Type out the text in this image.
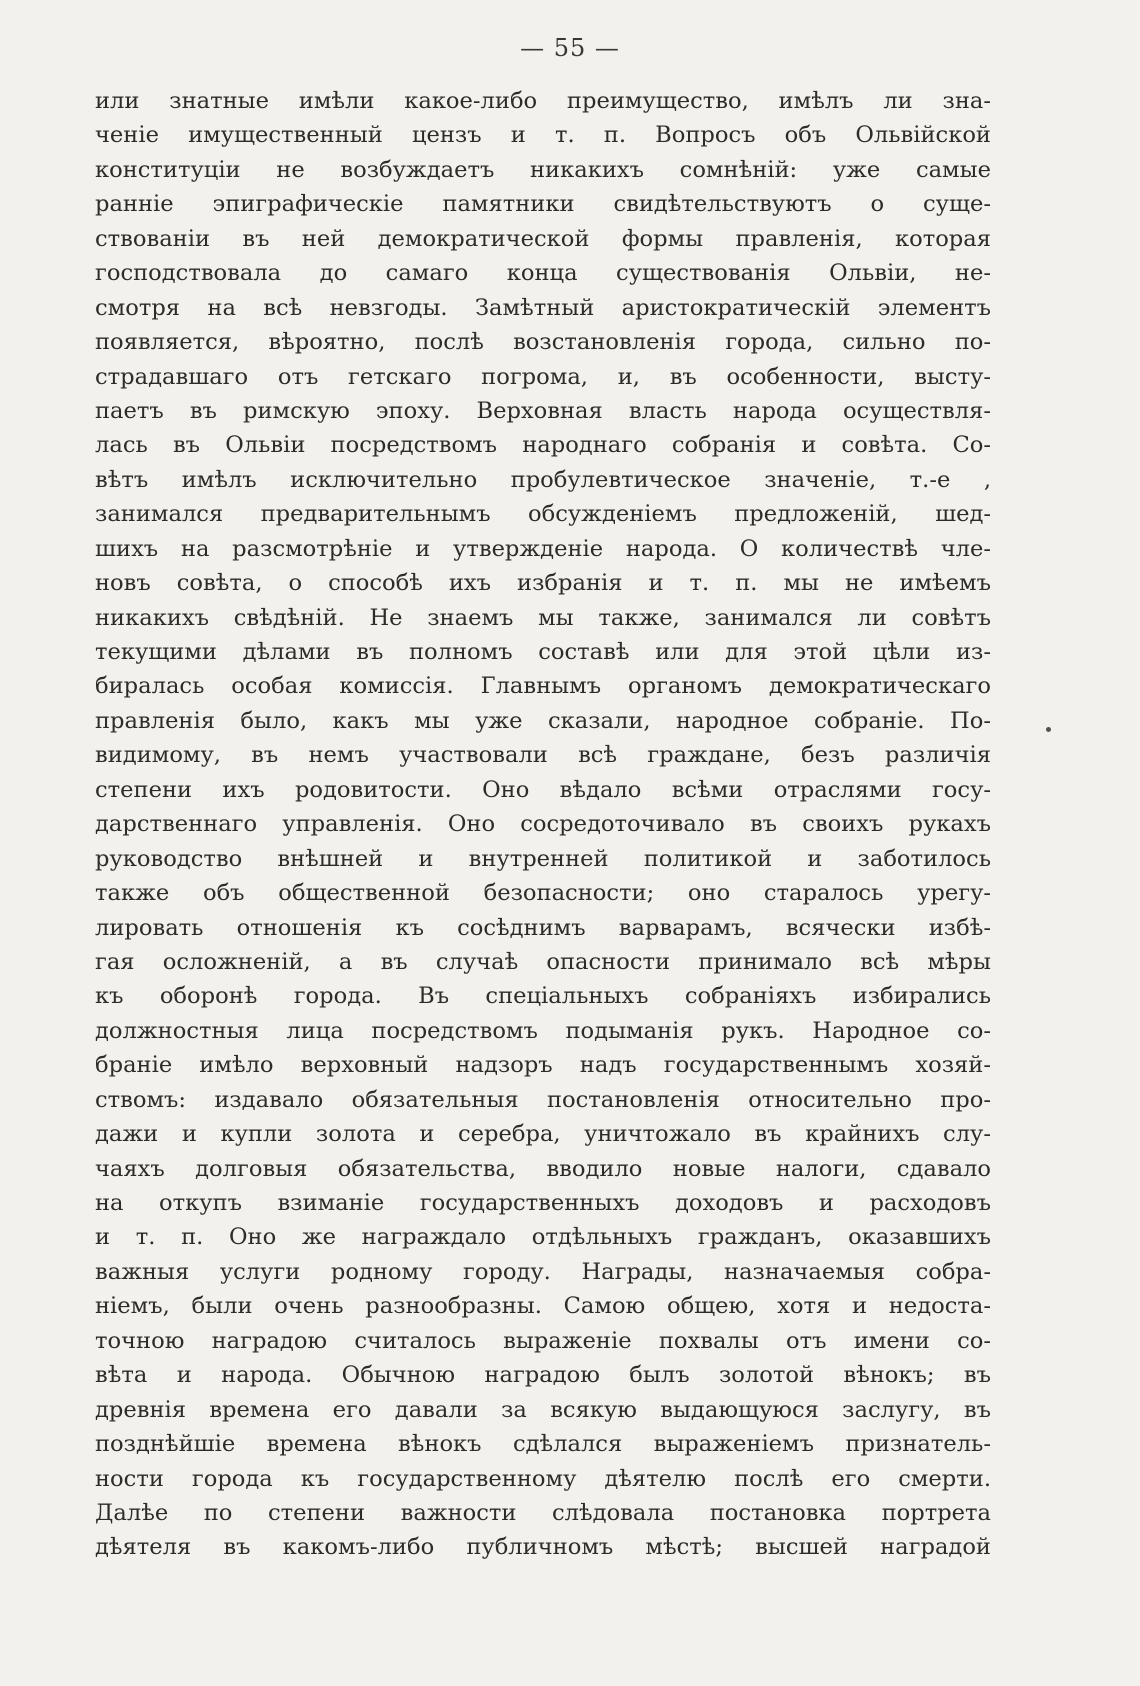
— 55 —
или знатные имѣли какое-либо преимущество, имѣлъ ли зна-
ченіе имущественный цензъ и т. п. Вопросъ объ Ольвійской
конституціи не возбуждаетъ никакихъ сомнѣній: уже самые
ранніе эпиграфическіе памятники свидѣтельствуютъ о суще-
ствованіи въ ней демократической формы правленія, которая
господствовала до самаго конца существованія Ольвіи, не-
смотря на всѣ невзгоды. Замѣтный аристократическій элементъ
появляется, вѣроятно, послѣ возстановленія города, сильно по-
страдавшаго отъ гетскаго погрома, и, въ особенности, высту-
паетъ въ римскую эпоху. Верховная власть народа осуществля-
лась въ Ольвіи посредствомъ народнаго собранія и совѣта. Со-
вѣтъ имѣлъ исключительно пробулевтическое значеніе, т.-е ,
занимался предварительнымъ обсужденіемъ предложеній, шед-
шихъ на разсмотрѣніе и утвержденіе народа. О количествѣ чле-
новъ совѣта, о способѣ ихъ избранія и т. п. мы не имѣемъ
никакихъ свѣдѣній. Не знаемъ мы также, занимался ли совѣтъ
текущими дѣлами въ полномъ составѣ или для этой цѣли из-
биралась особая комиссія. Главнымъ органомъ демократическаго
правленія было, какъ мы уже сказали, народное собраніе. По-
видимому, въ немъ участвовали всѣ граждане, безъ различія
степени ихъ родовитости. Оно вѣдало всѣми отраслями госу-
дарственнаго управленія. Оно сосредоточивало въ своихъ рукахъ
руководство внѣшней и внутренней политикой и заботилось
также объ общественной безопасности; оно старалось урегу-
лировать отношенія къ сосѣднимъ варварамъ, всячески избѣ-
гая осложненій, а въ случаѣ опасности принимало всѣ мѣры
къ оборонѣ города. Въ спеціальныхъ собраніяхъ избирались
должностныя лица посредствомъ подыманія рукъ. Народное со-
браніе имѣло верховный надзоръ надъ государственнымъ хозяй-
ствомъ: издавало обязательныя постановленія относительно про-
дажи и купли золота и серебра, уничтожало въ крайнихъ слу-
чаяхъ долговыя обязательства, вводило новые налоги, сдавало
на откупъ взиманіе государственныхъ доходовъ и расходовъ
и т. п. Оно же награждало отдѣльныхъ гражданъ, оказавшихъ
важныя услуги родному городу. Награды, назначаемыя собра-
ніемъ, были очень разнообразны. Самою общею, хотя и недоста-
точною наградою считалось выраженіе похвалы отъ имени со-
вѣта и народа. Обычною наградою былъ золотой вѣнокъ; въ
древнія времена его давали за всякую выдающуюся заслугу, въ
позднѣйшіе времена вѣнокъ сдѣлался выраженіемъ признатель-
ности города къ государственному дѣятелю послѣ его смерти.
Далѣе по степени важности слѣдовала постановка портрета
дѣятеля въ какомъ-либо публичномъ мѣстѣ; высшей наградой
